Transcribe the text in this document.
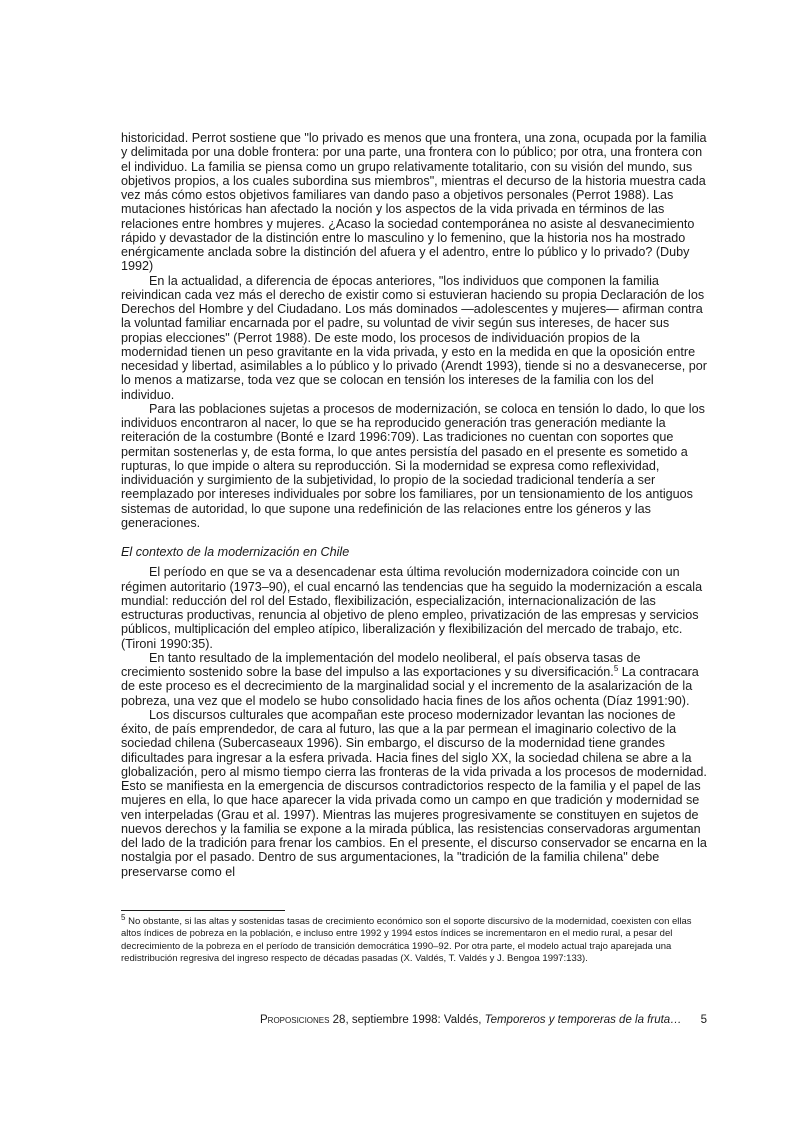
historicidad. Perrot sostiene que "lo privado es menos que una frontera, una zona, ocupada por la familia y delimitada por una doble frontera: por una parte, una frontera con lo público; por otra, una frontera con el individuo. La familia se piensa como un grupo relativamente totalitario, con su visión del mundo, sus objetivos propios, a los cuales subordina sus miembros", mientras el decurso de la historia muestra cada vez más cómo estos objetivos familiares van dando paso a objetivos personales (Perrot 1988). Las mutaciones históricas han afectado la noción y los aspectos de la vida privada en términos de las relaciones entre hombres y mujeres. ¿Acaso la sociedad contemporánea no asiste al desvanecimiento rápido y devastador de la distinción entre lo masculino y lo femenino, que la historia nos ha mostrado enérgicamente anclada sobre la distinción del afuera y el adentro, entre lo público y lo privado? (Duby 1992)

En la actualidad, a diferencia de épocas anteriores, "los individuos que componen la familia reivindican cada vez más el derecho de existir como si estuvieran haciendo su propia Declaración de los Derechos del Hombre y del Ciudadano. Los más dominados —adolescentes y mujeres— afirman contra la voluntad familiar encarnada por el padre, su voluntad de vivir según sus intereses, de hacer sus propias elecciones" (Perrot 1988). De este modo, los procesos de individuación propios de la modernidad tienen un peso gravitante en la vida privada, y esto en la medida en que la oposición entre necesidad y libertad, asimilables a lo público y lo privado (Arendt 1993), tiende si no a desvanecerse, por lo menos a matizarse, toda vez que se colocan en tensión los intereses de la familia con los del individuo.

Para las poblaciones sujetas a procesos de modernización, se coloca en tensión lo dado, lo que los individuos encontraron al nacer, lo que se ha reproducido generación tras generación mediante la reiteración de la costumbre (Bonté e Izard 1996:709). Las tradiciones no cuentan con soportes que permitan sostenerlas y, de esta forma, lo que antes persistía del pasado en el presente es sometido a rupturas, lo que impide o altera su reproducción. Si la modernidad se expresa como reflexividad, individuación y surgimiento de la subjetividad, lo propio de la sociedad tradicional tendería a ser reemplazado por intereses individuales por sobre los familiares, por un tensionamiento de los antiguos sistemas de autoridad, lo que supone una redefinición de las relaciones entre los géneros y las generaciones.

El contexto de la modernización en Chile

El período en que se va a desencadenar esta última revolución modernizadora coincide con un régimen autoritario (1973–90), el cual encarnó las tendencias que ha seguido la modernización a escala mundial: reducción del rol del Estado, flexibilización, especialización, internacionalización de las estructuras productivas, renuncia al objetivo de pleno empleo, privatización de las empresas y servicios públicos, multiplicación del empleo atípico, liberalización y flexibilización del mercado de trabajo, etc. (Tironi 1990:35).

En tanto resultado de la implementación del modelo neoliberal, el país observa tasas de crecimiento sostenido sobre la base del impulso a las exportaciones y su diversificación.$^5$ La contracara de este proceso es el decrecimiento de la marginalidad social y el incremento de la asalarización de la pobreza, una vez que el modelo se hubo consolidado hacia fines de los años ochenta (Díaz 1991:90).

Los discursos culturales que acompañan este proceso modernizador levantan las nociones de éxito, de país emprendedor, de cara al futuro, las que a la par permean el imaginario colectivo de la sociedad chilena (Subercaseaux 1996). Sin embargo, el discurso de la modernidad tiene grandes dificultades para ingresar a la esfera privada. Hacia fines del siglo XX, la sociedad chilena se abre a la globalización, pero al mismo tiempo cierra las fronteras de la vida privada a los procesos de modernidad. Esto se manifiesta en la emergencia de discursos contradictorios respecto de la familia y el papel de las mujeres en ella, lo que hace aparecer la vida privada como un campo en que tradición y modernidad se ven interpeladas (Grau et al. 1997). Mientras las mujeres progresivamente se constituyen en sujetos de nuevos derechos y la familia se expone a la mirada pública, las resistencias conservadoras argumentan del lado de la tradición para frenar los cambios. En el presente, el discurso conservador se encarna en la nostalgia por el pasado. Dentro de sus argumentaciones, la "tradición de la familia chilena" debe preservarse como el

$^5$ No obstante, si las altas y sostenidas tasas de crecimiento económico son el soporte discursivo de la modernidad, coexisten con ellas altos índices de pobreza en la población, e incluso entre 1992 y 1994 estos índices se incrementaron en el medio rural, a pesar del decrecimiento de la pobreza en el período de transición democrática 1990–92. Por otra parte, el modelo actual trajo aparejada una redistribución regresiva del ingreso respecto de décadas pasadas (X. Valdés, T. Valdés y J. Bengoa 1997:133).
Proposiciones 28, septiembre 1998: Valdés, Temporeros y temporeras de la fruta… 5
